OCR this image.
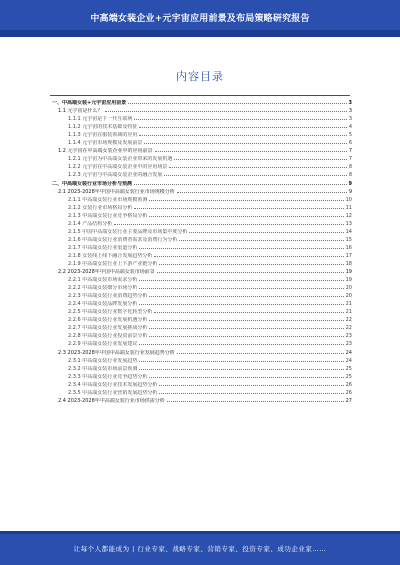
中高端女装企业+元宇宙应用前景及布局策略研究报告
内容目录
一、中高端女装+元宇宙应用前景	3
1.1 元宇宙是什么？	3
1.1.1 元宇宙是下一代互联网	3
1.1.2 元宇宙的技术基础及特征	4
1.1.3 元宇宙在服装领域的应用	5
1.1.4 元宇宙市场规模及发展前景	6
1.2 元宇宙在中高端女装企业中的应用前景	7
1.2.1 元宇宙为中高端女装企业带来的发展机遇	7
1.2.2 元宇宙在中高端女装企业中的应用场景	8
1.2.3 元宇宙与中高端女装企业的融合发展	8
二、中高端女装行业市场分析与预测	9
2.1 2023-2028年中国中高端女装行业市场规模分析	9
2.1.1 中高端女装行业市场规模预测	10
2.1.2 女装行业市场格局分析	11
2.1.3 中高端女装行业竞争格局分析	12
2.1.4 产品结构分析	13
2.1.5 中国中高端女装行业主要品牌及市场集中度分析	14
2.1.6 中高端女装行业消费者需求及消费行为分析	15
2.1.7 中高端女装行业渠道分析	16
2.1.8 女装线上线下融合发展趋势分析	17
2.1.9 中高端女装行业上下游产业链分析	18
2.2 2023-2028年中国中高端女装市场前景	19
2.2.1 中高端女装市场需求分析	19
2.2.2 中高端女装细分市场分析	20
2.2.3 中高端女装行业消费趋势分析	20
2.2.4 中高端女装品牌发展分析	21
2.2.5 中高端女装行业数字化转型分析	21
2.2.6 中高端女装行业发展机遇分析	22
2.2.7 中高端女装行业发展挑战分析	22
2.2.8 中高端女装行业投资前景分析	23
2.2.9 中高端女装行业发展建议	23
2.3 2023-2028年中国中高端女装行业发展趋势分析	24
2.3.1 中高端女装行业发展趋势	24
2.3.2 中高端女装市场前景预测	25
2.3.3 中高端女装行业竞争趋势分析	25
2.3.4 中高端女装行业技术发展趋势分析	26
2.3.5 中高端女装行业营销发展趋势分析	26
2.4 2023-2028年中高端女装行业市场供需分析	27
让每个人都能成为 | 行业专家、战略专家、营销专家、投资专家、成功企业家……
